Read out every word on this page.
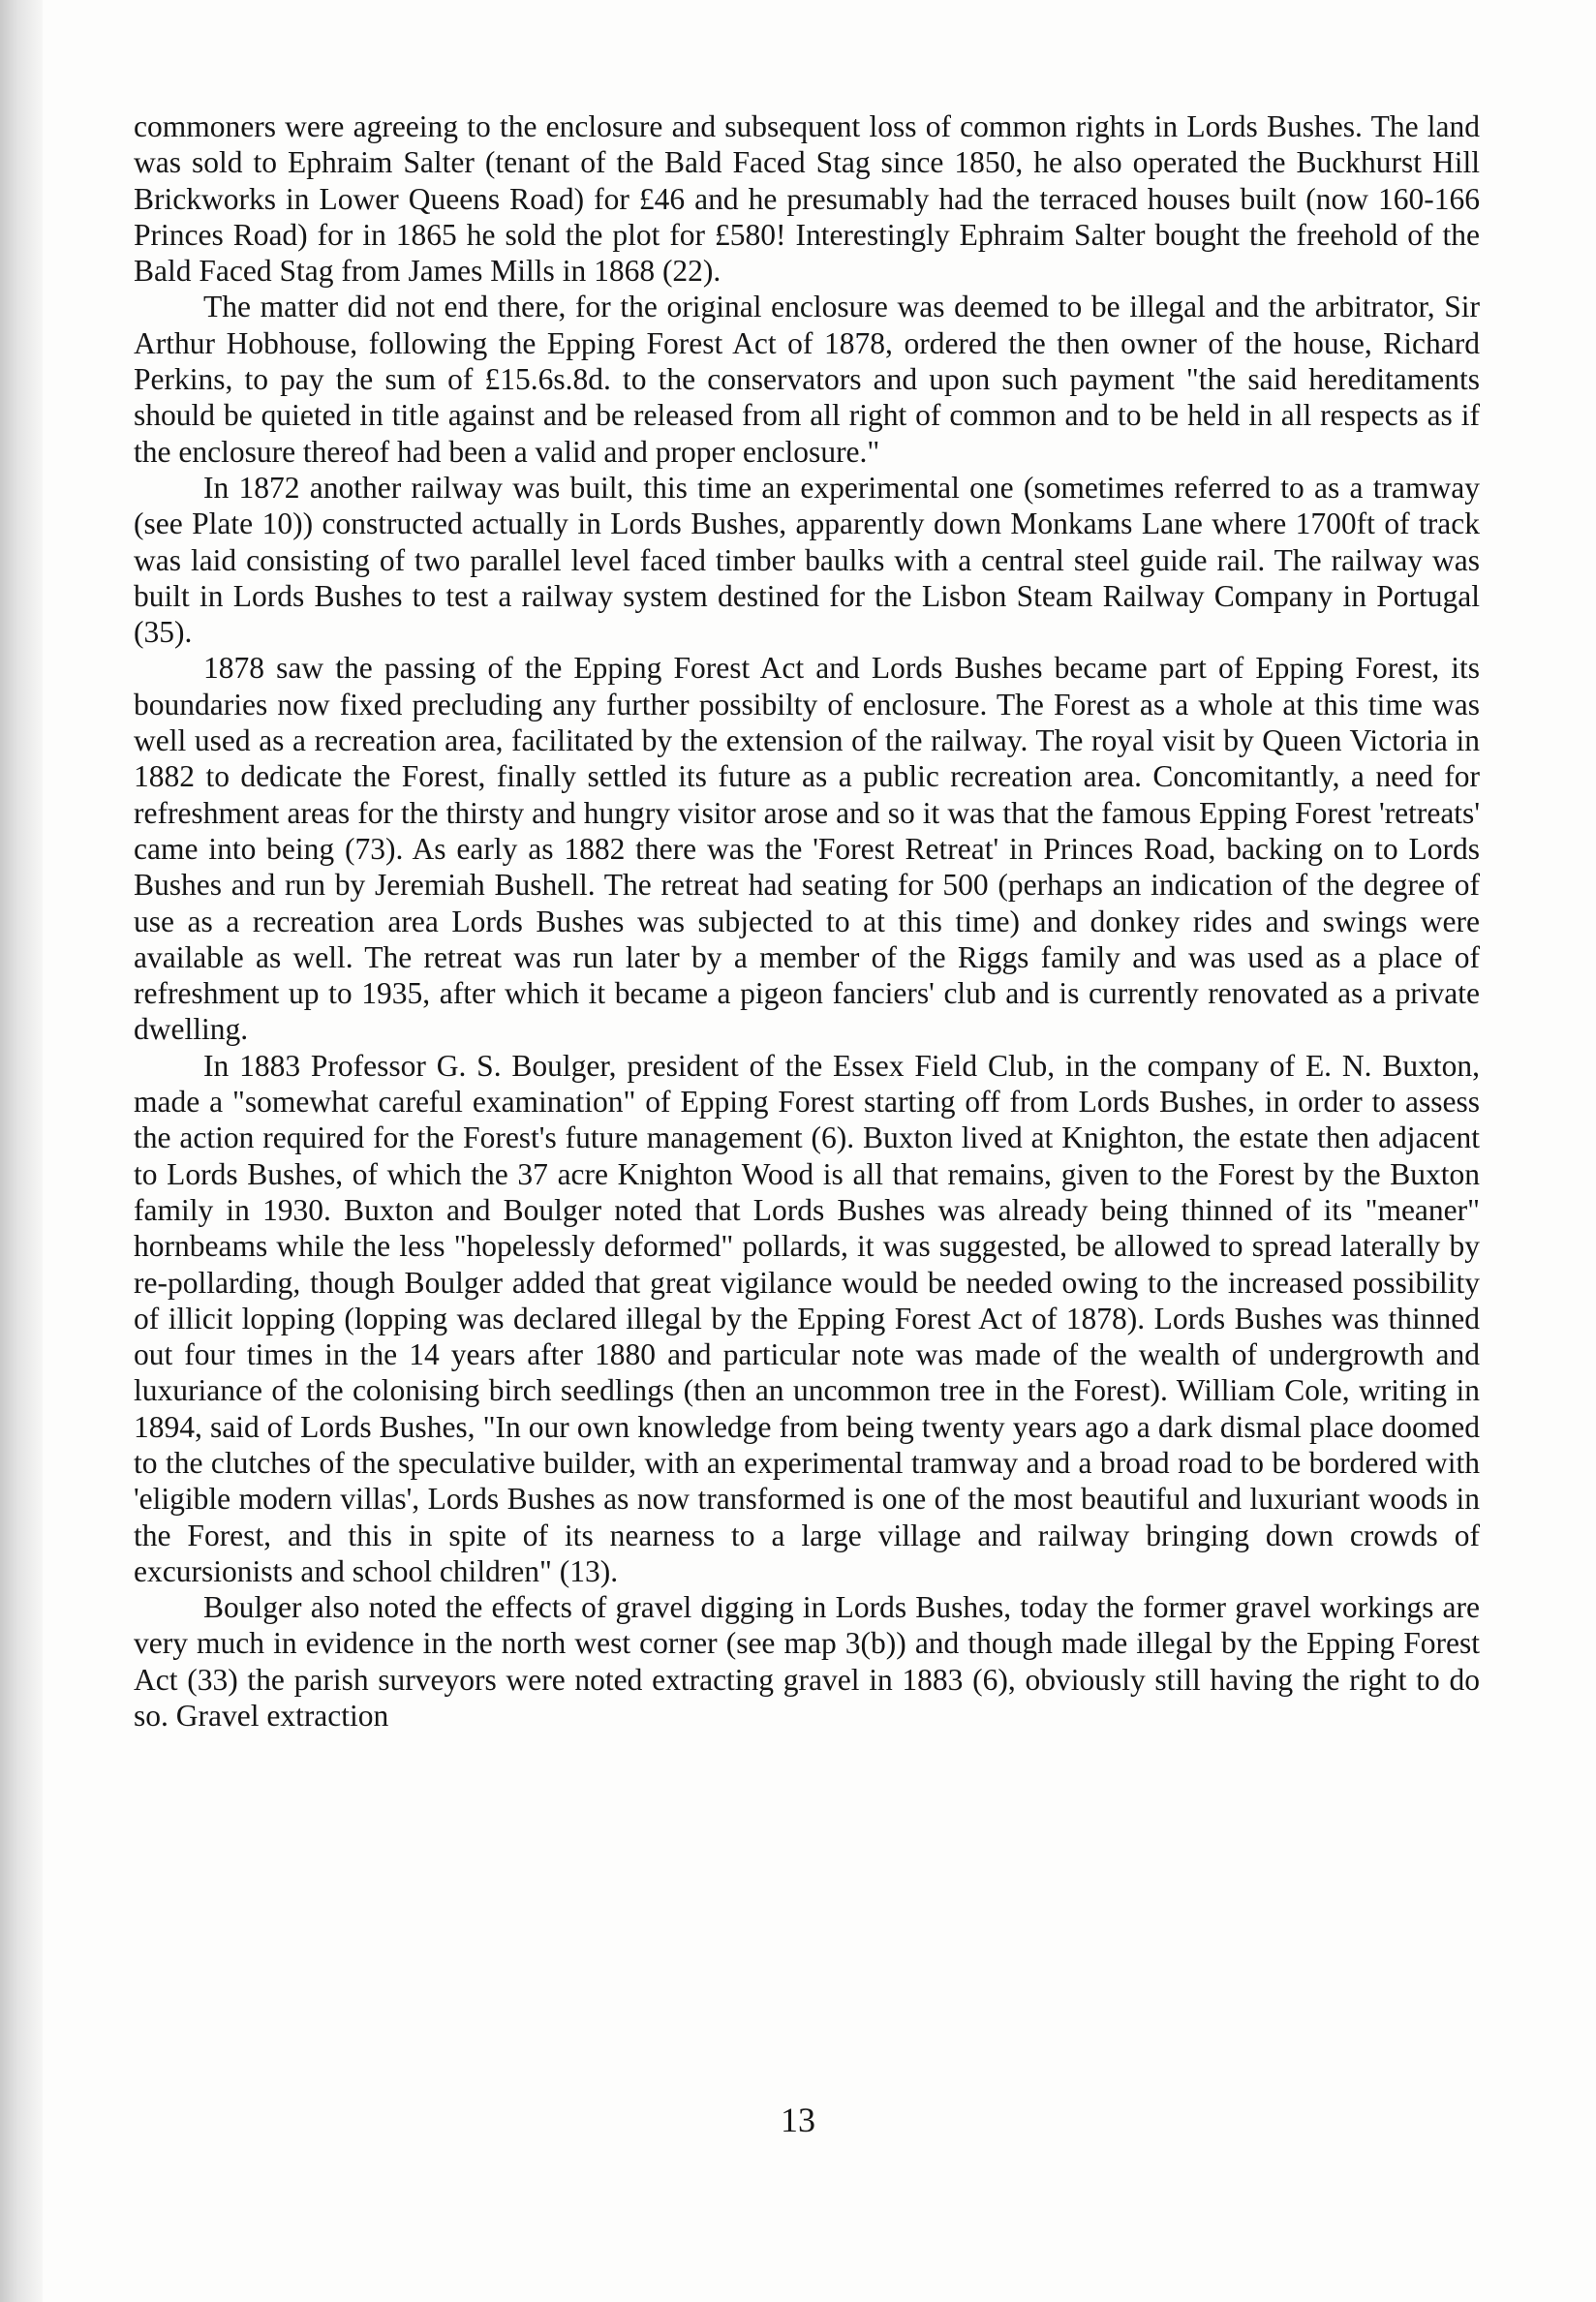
commoners were agreeing to the enclosure and subsequent loss of common rights in Lords Bushes. The land was sold to Ephraim Salter (tenant of the Bald Faced Stag since 1850, he also operated the Buckhurst Hill Brickworks in Lower Queens Road) for £46 and he presumably had the terraced houses built (now 160-166 Princes Road) for in 1865 he sold the plot for £580! Interestingly Ephraim Salter bought the freehold of the Bald Faced Stag from James Mills in 1868 (22).

The matter did not end there, for the original enclosure was deemed to be illegal and the arbitrator, Sir Arthur Hobhouse, following the Epping Forest Act of 1878, ordered the then owner of the house, Richard Perkins, to pay the sum of £15.6s.8d. to the conservators and upon such payment "the said hereditaments should be quieted in title against and be released from all right of common and to be held in all respects as if the enclosure thereof had been a valid and proper enclosure."

In 1872 another railway was built, this time an experimental one (sometimes referred to as a tramway (see Plate 10)) constructed actually in Lords Bushes, apparently down Monkams Lane where 1700ft of track was laid consisting of two parallel level faced timber baulks with a central steel guide rail. The railway was built in Lords Bushes to test a railway system destined for the Lisbon Steam Railway Company in Portugal (35).

1878 saw the passing of the Epping Forest Act and Lords Bushes became part of Epping Forest, its boundaries now fixed precluding any further possibilty of enclosure. The Forest as a whole at this time was well used as a recreation area, facilitated by the extension of the railway. The royal visit by Queen Victoria in 1882 to dedicate the Forest, finally settled its future as a public recreation area. Concomitantly, a need for refreshment areas for the thirsty and hungry visitor arose and so it was that the famous Epping Forest 'retreats' came into being (73). As early as 1882 there was the 'Forest Retreat' in Princes Road, backing on to Lords Bushes and run by Jeremiah Bushell. The retreat had seating for 500 (perhaps an indication of the degree of use as a recreation area Lords Bushes was subjected to at this time) and donkey rides and swings were available as well. The retreat was run later by a member of the Riggs family and was used as a place of refreshment up to 1935, after which it became a pigeon fanciers' club and is currently renovated as a private dwelling.

In 1883 Professor G. S. Boulger, president of the Essex Field Club, in the company of E. N. Buxton, made a "somewhat careful examination" of Epping Forest starting off from Lords Bushes, in order to assess the action required for the Forest's future management (6). Buxton lived at Knighton, the estate then adjacent to Lords Bushes, of which the 37 acre Knighton Wood is all that remains, given to the Forest by the Buxton family in 1930. Buxton and Boulger noted that Lords Bushes was already being thinned of its "meaner" hornbeams while the less "hopelessly deformed" pollards, it was suggested, be allowed to spread laterally by re-pollarding, though Boulger added that great vigilance would be needed owing to the increased possibility of illicit lopping (lopping was declared illegal by the Epping Forest Act of 1878). Lords Bushes was thinned out four times in the 14 years after 1880 and particular note was made of the wealth of undergrowth and luxuriance of the colonising birch seedlings (then an uncommon tree in the Forest). William Cole, writing in 1894, said of Lords Bushes, "In our own knowledge from being twenty years ago a dark dismal place doomed to the clutches of the speculative builder, with an experimental tramway and a broad road to be bordered with 'eligible modern villas', Lords Bushes as now transformed is one of the most beautiful and luxuriant woods in the Forest, and this in spite of its nearness to a large village and railway bringing down crowds of excursionists and school children" (13).

Boulger also noted the effects of gravel digging in Lords Bushes, today the former gravel workings are very much in evidence in the north west corner (see map 3(b)) and though made illegal by the Epping Forest Act (33) the parish surveyors were noted extracting gravel in 1883 (6), obviously still having the right to do so. Gravel extraction

13
